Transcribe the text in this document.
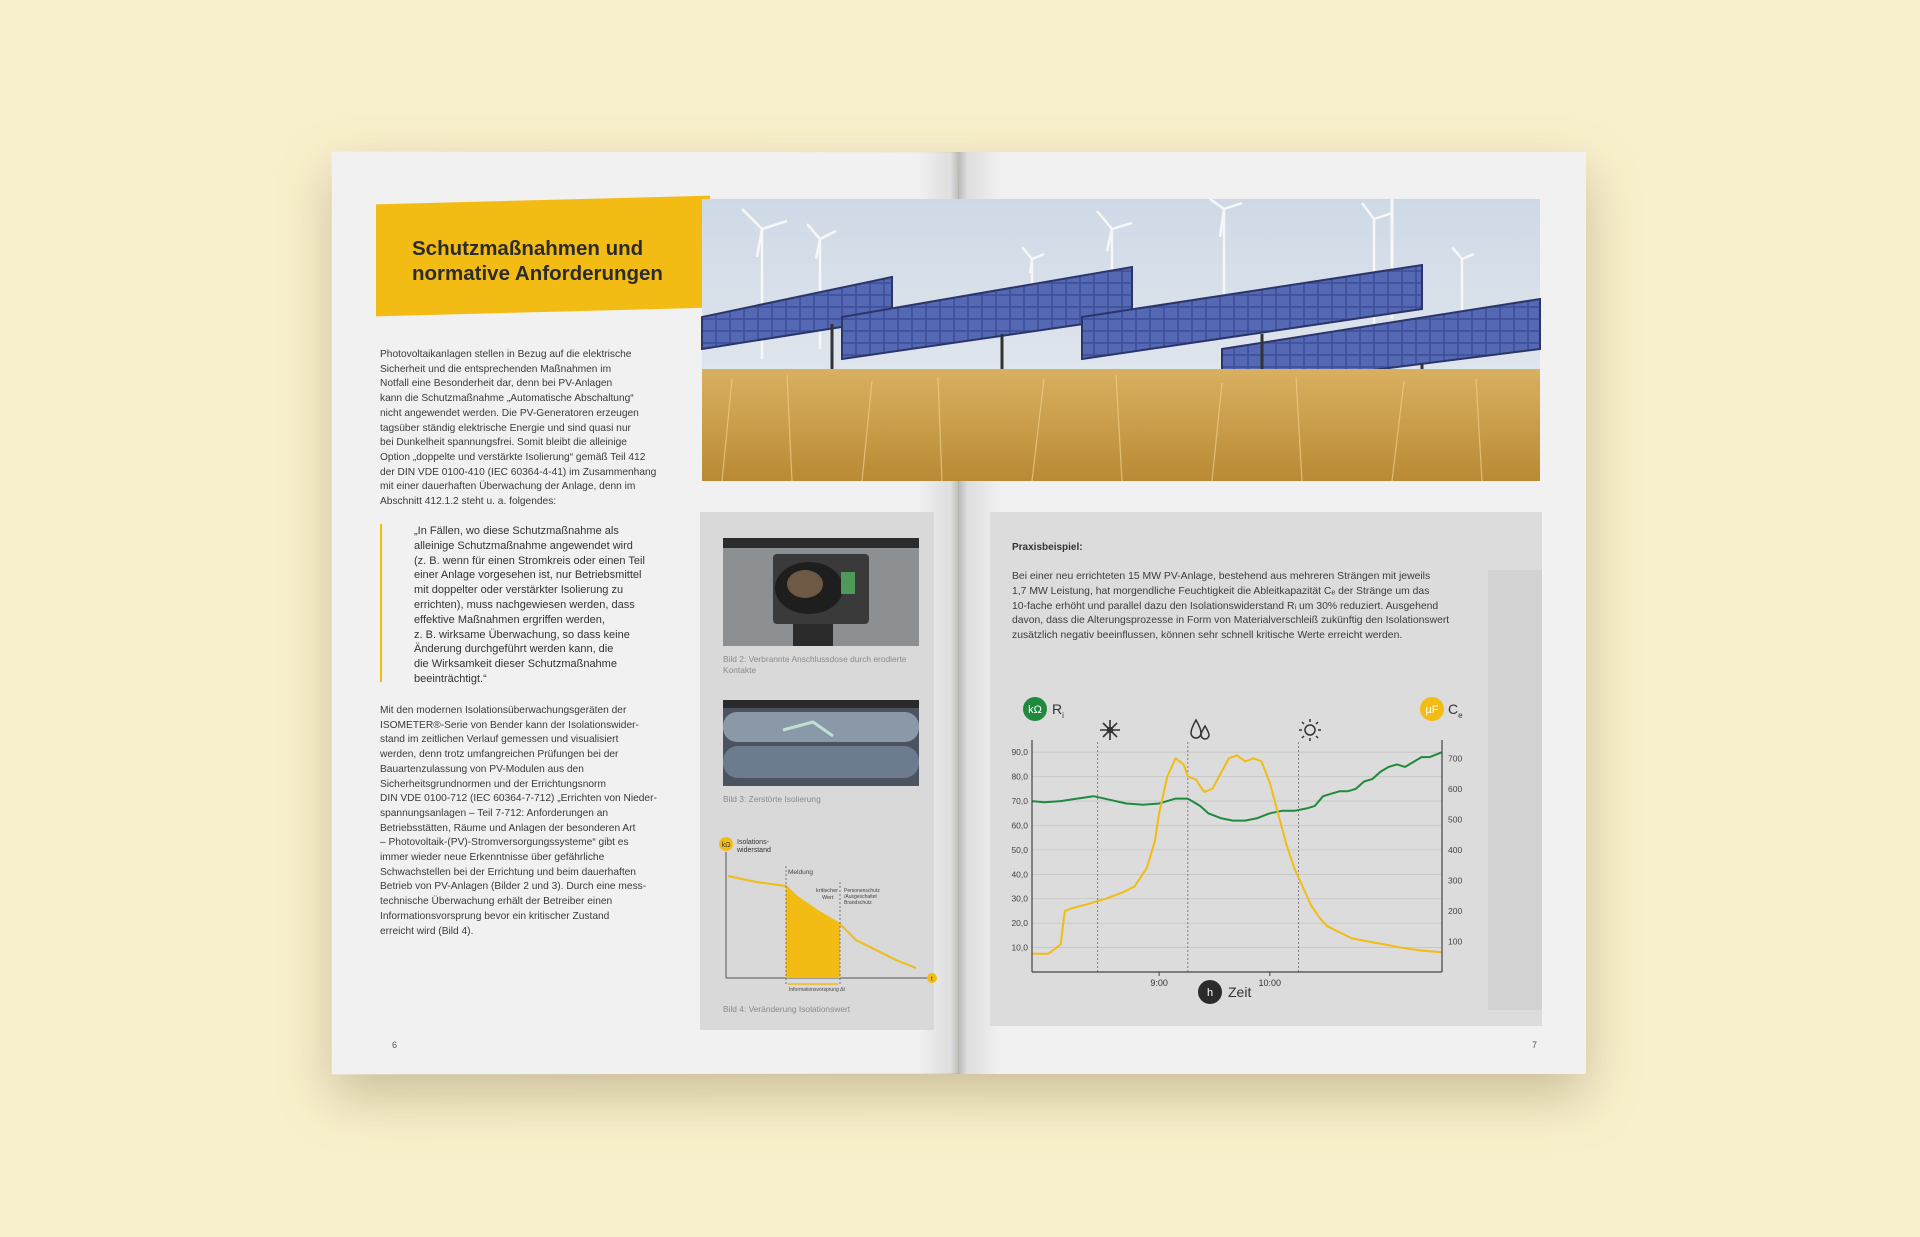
Schutzmaßnahmen und
normative Anforderungen

Photovoltaikanlagen stellen in Bezug auf die elektrische
Sicherheit und die entsprechenden Maßnahmen im
Notfall eine Besonderheit dar, denn bei PV-Anlagen
kann die Schutzmaßnahme „Automatische Abschaltung“
nicht angewendet werden. Die PV-Generatoren erzeugen
tagsüber ständig elektrische Energie und sind quasi nur
bei Dunkelheit spannungsfrei. Somit bleibt die alleinige
Option „doppelte und verstärkte Isolierung“ gemäß Teil 412
der DIN VDE 0100-410 (IEC 60364-4-41) im Zusammenhang
mit einer dauerhaften Überwachung der Anlage, denn im
Abschnitt 412.1.2 steht u. a. folgendes:

„In Fällen, wo diese Schutzmaßnahme als
alleinige Schutzmaßnahme angewendet wird
(z. B. wenn für einen Stromkreis oder einen Teil
einer Anlage vorgesehen ist, nur Betriebsmittel
mit doppelter oder verstärkter Isolierung zu
errichten), muss nachgewiesen werden, dass
effektive Maßnahmen ergriffen werden,
z. B. wirksame Überwachung, so dass keine
Änderung durchgeführt werden kann, die
die Wirksamkeit dieser Schutzmaßnahme
beeinträchtigt.“

Mit den modernen Isolationsüberwachungsgeräten der
ISOMETER®-Serie von Bender kann der Isolationswider-
stand im zeitlichen Verlauf gemessen und visualisiert
werden, denn trotz umfangreichen Prüfungen bei der
Bauartenzulassung von PV-Modulen aus den
Sicherheitsgrundnormen und der Errichtungsnorm
DIN VDE 0100-712 (IEC 60364-7-712) „Errichten von Nieder-
spannungsanlagen – Teil 7-712: Anforderungen an
Betriebsstätten, Räume und Anlagen der besonderen Art
– Photovoltaik-(PV)-Stromversorgungssysteme“ gibt es
immer wieder neue Erkenntnisse über gefährliche
Schwachstellen bei der Errichtung und beim dauerhaften
Betrieb von PV-Anlagen (Bilder 2 und 3). Durch eine mess-
technische Überwachung erhält der Betreiber einen
Informationsvorsprung bevor ein kritischer Zustand
erreicht wird (Bild 4).

6

Bild 2: Verbrannte Anschlussdose durch erodierte
Kontakte

Bild 3: Zerstörte Isolierung
kΩ Isolations-
widerstand
Meldung
kritischer
Wert
Personenschutz
/Ausgeschaltet
Brandschutz
Informationsvorsprung Δt
t
Bild 4: Veränderung Isolationswert

Praxisbeispiel:

Bei einer neu errichteten 15 MW PV-Anlage, bestehend aus mehreren Strängen mit jeweils
1,7 MW Leistung, hat morgendliche Feuchtigkeit die Ableitkapazität Cₑ der Stränge um das
10-fache erhöht und parallel dazu den Isolationswiderstand Rᵢ um 30% reduziert. Ausgehend
davon, dass die Alterungsprozesse in Form von Materialverschleiß zukünftig den Isolationswert
zusätzlich negativ beeinflussen, können sehr schnell kritische Werte erreicht werden.

kΩ $R_i$	µF $C_e$
90,0
80,0
70,0
60,0
50,0
40,0
30,0
20,0
10,0
700
600
500
400
300
200
100
9:00	10:00
h Zeit
7
